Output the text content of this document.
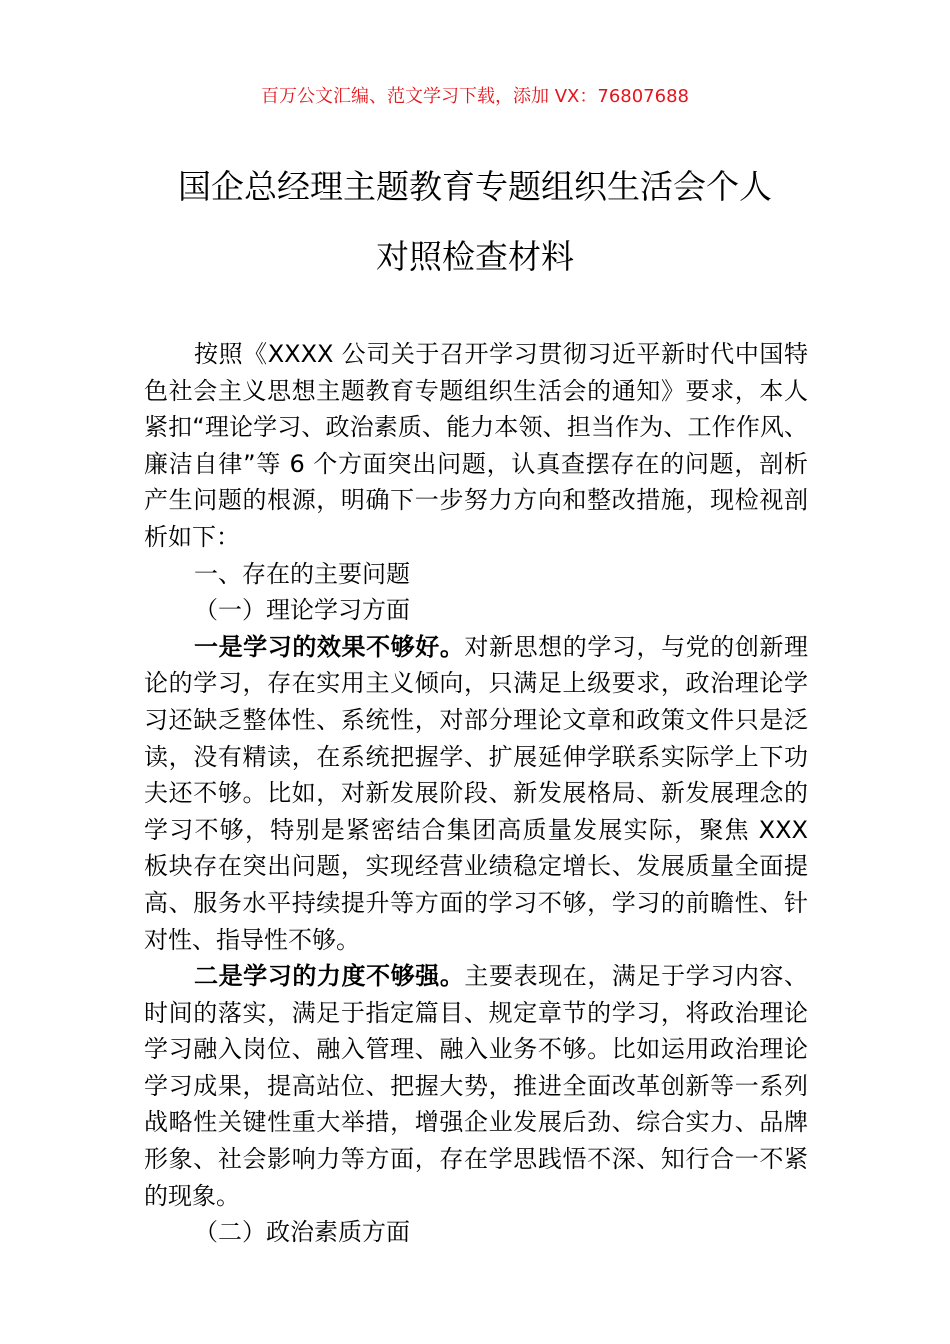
百万公文汇编、范文学习下载，添加 VX：76807688
国企总经理主题教育专题组织生活会个人
对照检查材料

按照《XXXX 公司关于召开学习贯彻习近平新时代中国特色社会主义思想主题教育专题组织生活会的通知》要求，本人紧扣“理论学习、政治素质、能力本领、担当作为、工作作风、廉洁自律”等 6 个方面突出问题，认真查摆存在的问题，剖析产生问题的根源，明确下一步努力方向和整改措施，现检视剖析如下：

一、存在的主要问题

（一）理论学习方面

一是学习的效果不够好。对新思想的学习，与党的创新理论的学习，存在实用主义倾向，只满足上级要求，政治理论学习还缺乏整体性、系统性，对部分理论文章和政策文件只是泛读，没有精读，在系统把握学、扩展延伸学联系实际学上下功夫还不够。比如，对新发展阶段、新发展格局、新发展理念的学习不够，特别是紧密结合集团高质量发展实际，聚焦 XXX 板块存在突出问题，实现经营业绩稳定增长、发展质量全面提高、服务水平持续提升等方面的学习不够，学习的前瞻性、针对性、指导性不够。

二是学习的力度不够强。主要表现在，满足于学习内容、时间的落实，满足于指定篇目、规定章节的学习，将政治理论学习融入岗位、融入管理、融入业务不够。比如运用政治理论学习成果，提高站位、把握大势，推进全面改革创新等一系列战略性关键性重大举措，增强企业发展后劲、综合实力、品牌形象、社会影响力等方面，存在学思践悟不深、知行合一不紧的现象。

（二）政治素质方面
